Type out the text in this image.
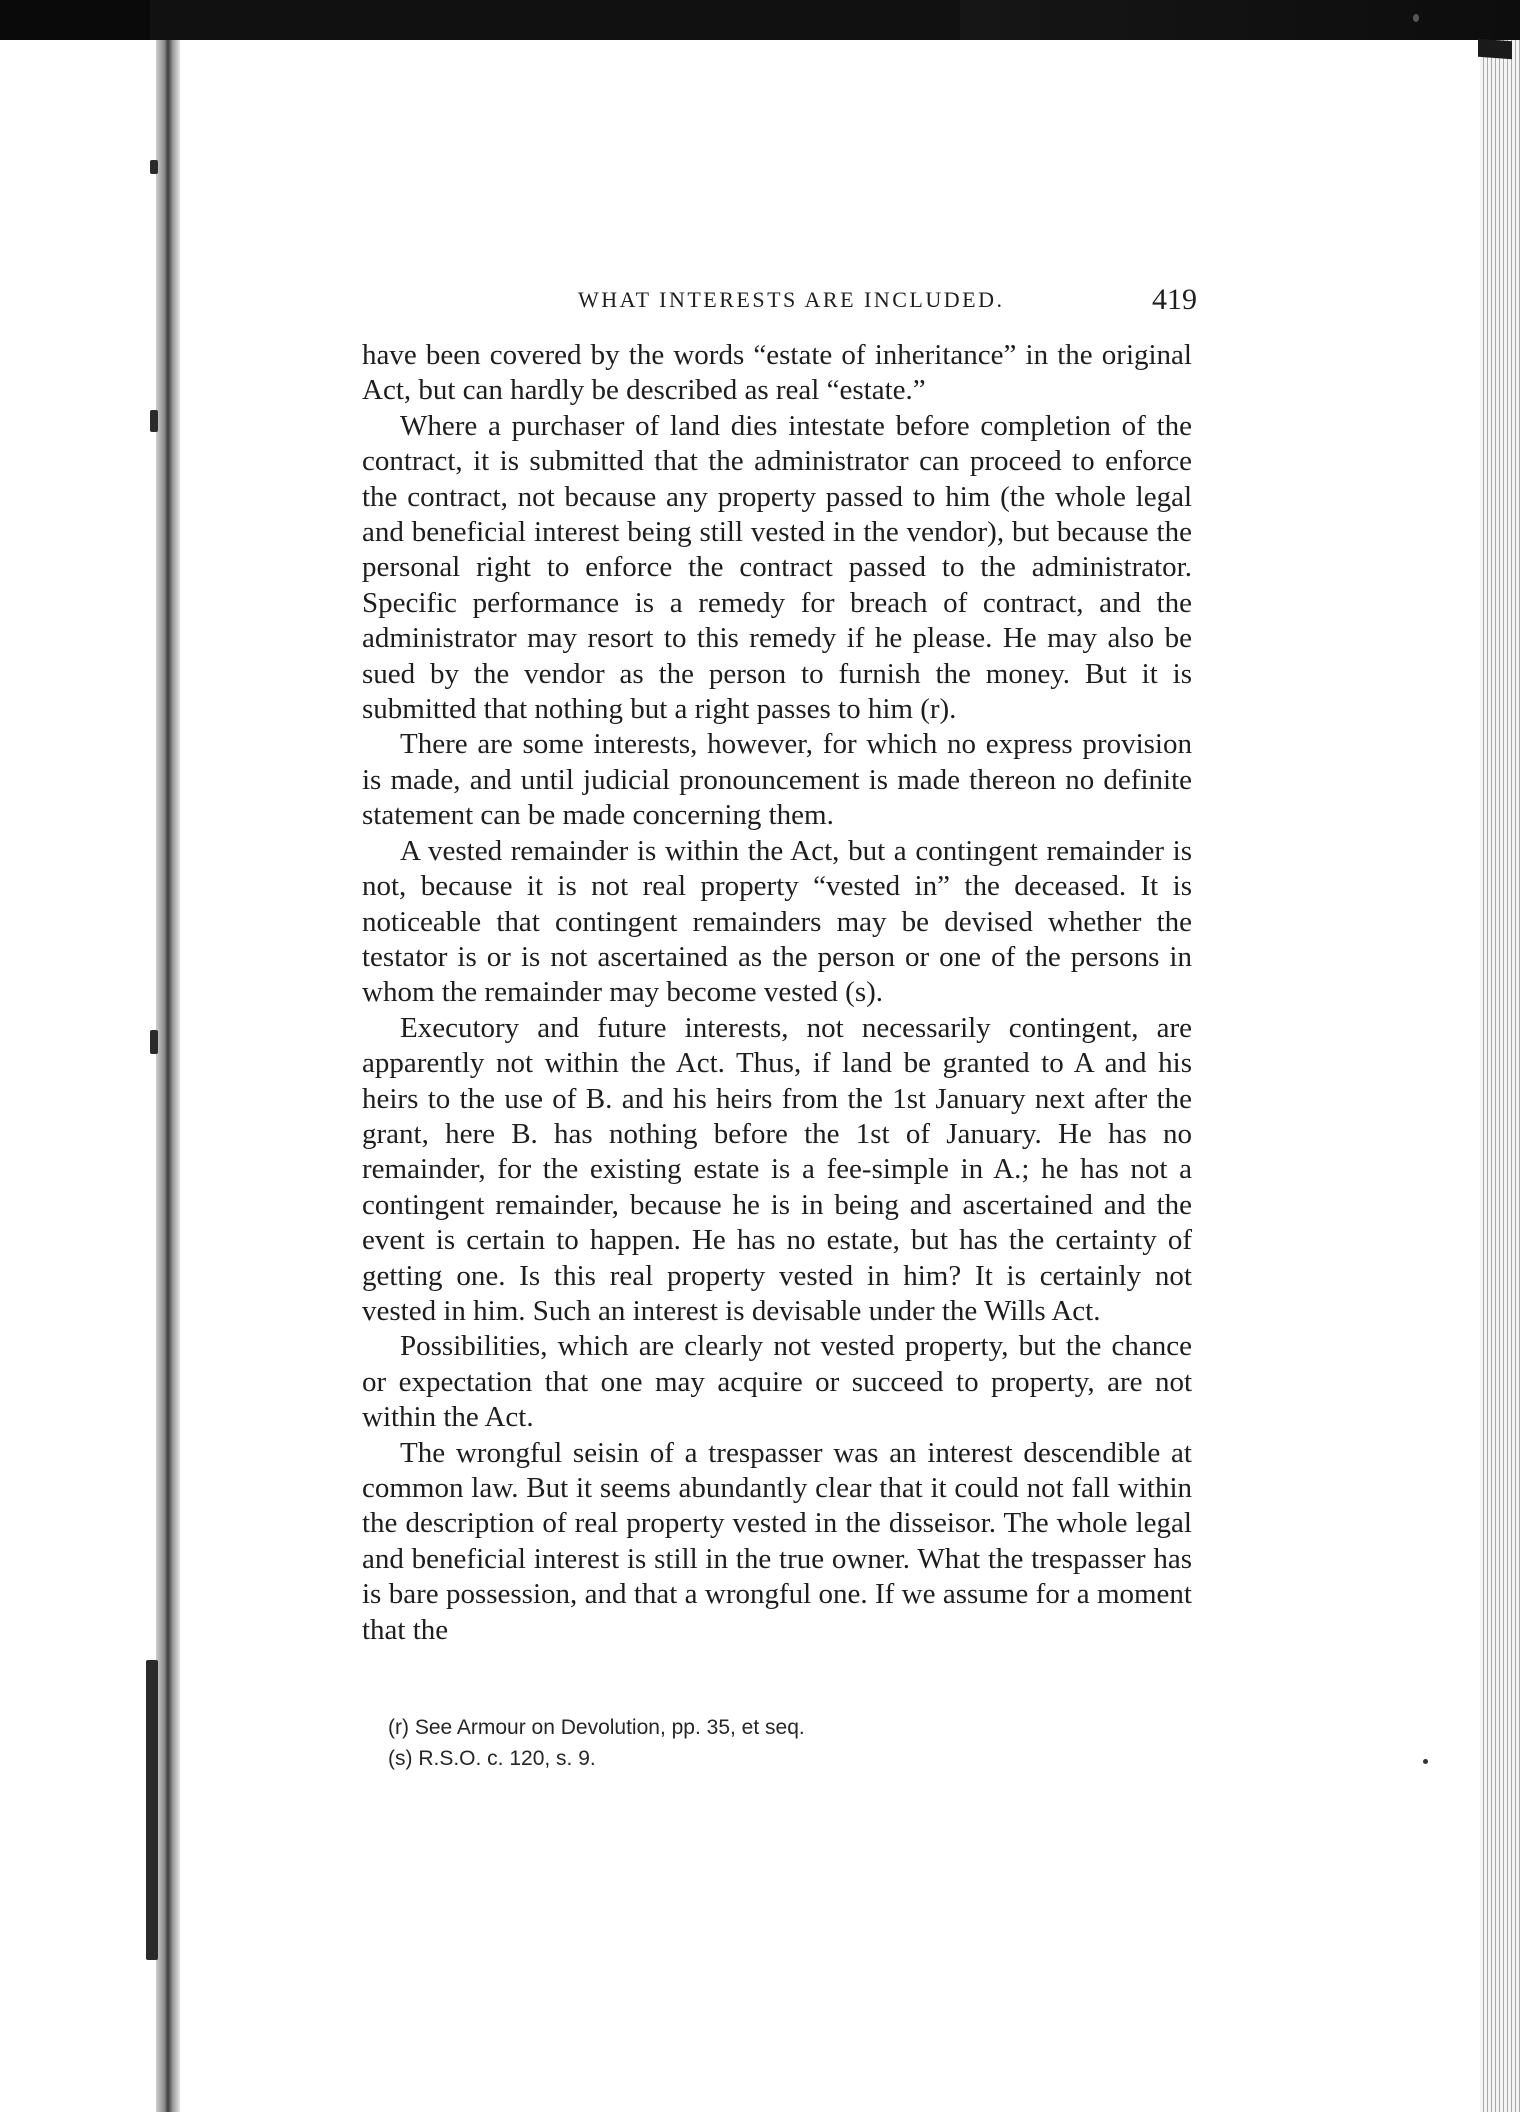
WHAT INTERESTS ARE INCLUDED.	419

have been covered by the words “estate of inheritance” in the original Act, but can hardly be described as real “estate.”

Where a purchaser of land dies intestate before completion of the contract, it is submitted that the administrator can proceed to enforce the contract, not because any property passed to him (the whole legal and beneficial interest being still vested in the vendor), but because the personal right to enforce the contract passed to the administrator. Specific performance is a remedy for breach of contract, and the administrator may resort to this remedy if he please. He may also be sued by the vendor as the person to furnish the money. But it is submitted that nothing but a right passes to him (r).

There are some interests, however, for which no express provision is made, and until judicial pronouncement is made thereon no definite statement can be made concerning them.

A vested remainder is within the Act, but a contingent remainder is not, because it is not real property “vested in” the deceased. It is noticeable that contingent remainders may be devised whether the testator is or is not ascertained as the person or one of the persons in whom the remainder may become vested (s).

Executory and future interests, not necessarily contingent, are apparently not within the Act. Thus, if land be granted to A and his heirs to the use of B. and his heirs from the 1st January next after the grant, here B. has nothing before the 1st of January. He has no remainder, for the existing estate is a fee-simple in A.; he has not a contingent remainder, because he is in being and ascertained and the event is certain to happen. He has no estate, but has the certainty of getting one. Is this real property vested in him? It is certainly not vested in him. Such an interest is devisable under the Wills Act.

Possibilities, which are clearly not vested property, but the chance or expectation that one may acquire or succeed to property, are not within the Act.

The wrongful seisin of a trespasser was an interest descendible at common law. But it seems abundantly clear that it could not fall within the description of real property vested in the disseisor. The whole legal and beneficial interest is still in the true owner. What the trespasser has is bare possession, and that a wrongful one. If we assume for a moment that the

(r) See Armour on Devolution, pp. 35, et seq.
(s) R.S.O. c. 120, s. 9.
